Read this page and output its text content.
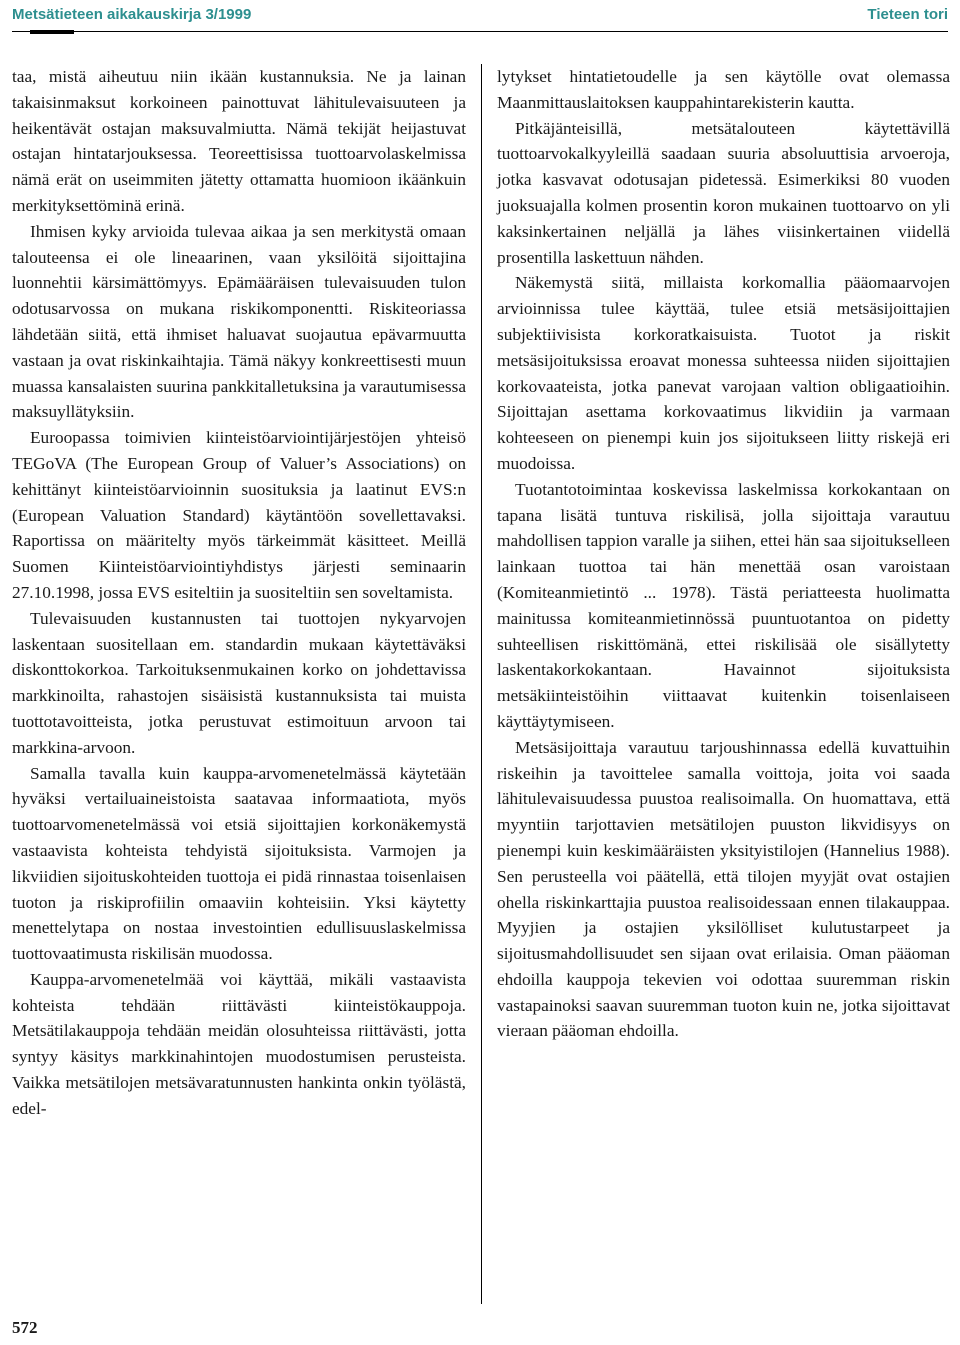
Metsätieteen aikakauskirja 3/1999	Tieteen tori

taa, mistä aiheutuu niin ikään kustannuksia. Ne ja lainan takaisinmaksut korkoineen painottuvat lähitulevaisuuteen ja heikentävät ostajan maksuvalmiutta. Nämä tekijät heijastuvat ostajan hintatarjouksessa. Teoreettisissa tuottoarvolaskelmissa nämä erät on useimmiten jätetty ottamatta huomioon ikäänkuin merkityksettöminä erinä.

Ihmisen kyky arvioida tulevaa aikaa ja sen merkitystä omaan talouteensa ei ole lineaarinen, vaan yksilöitä sijoittajina luonnehtii kärsimättömyys. Epämääräisen tulevaisuuden tulon odotusarvossa on mukana riskikomponentti. Riskiteoriassa lähdetään siitä, että ihmiset haluavat suojautua epävarmuutta vastaan ja ovat riskinkaihtajia. Tämä näkyy konkreettisesti muun muassa kansalaisten suurina pankkitalletuksina ja varautumisessa maksuyllätyksiin.

Euroopassa toimivien kiinteistöarviointijärjestöjen yhteisö TEGoVA (The European Group of Valuer’s Associations) on kehittänyt kiinteistöarvioinnin suosituksia ja laatinut EVS:n (European Valuation Standard) käytäntöön sovellettavaksi. Raportissa on määritelty myös tärkeimmät käsitteet. Meillä Suomen Kiinteistöarviointiyhdistys järjesti seminaarin 27.10.1998, jossa EVS esiteltiin ja suositeltiin sen soveltamista.

Tulevaisuuden kustannusten tai tuottojen nykyarvojen laskentaan suositellaan em. standardin mukaan käytettäväksi diskonttokorkoa. Tarkoituksenmukainen korko on johdettavissa markkinoilta, rahastojen sisäisistä kustannuksista tai muista tuottotavoitteista, jotka perustuvat estimoituun arvoon tai markkina-arvoon.

Samalla tavalla kuin kauppa-arvomenetelmässä käytetään hyväksi vertailuaineistoista saatavaa informaatiota, myös tuottoarvomenetelmässä voi etsiä sijoittajien korkonäkemystä vastaavista kohteista tehdyistä sijoituksista. Varmojen ja likviidien sijoituskohteiden tuottoja ei pidä rinnastaa toisenlaisen tuoton ja riskiprofiilin omaaviin kohteisiin. Yksi käytetty menettelytapa on nostaa investointien edullisuuslaskelmissa tuottovaatimusta riskilisän muodossa.

Kauppa-arvomenetelmää voi käyttää, mikäli vastaavista kohteista tehdään riittävästi kiinteistökauppoja. Metsätilakauppoja tehdään meidän olosuhteissa riittävästi, jotta syntyy käsitys markkinahintojen muodostumisen perusteista. Vaikka metsätilojen metsävaratunnusten hankinta onkin työlästä, edel-

lytykset hintatietoudelle ja sen käytölle ovat olemassa Maanmittauslaitoksen kauppahintarekisterin kautta.

Pitkäjänteisillä, metsätalouteen käytettävillä tuottoarvokalkyyleillä saadaan suuria absoluuttisia arvoeroja, jotka kasvavat odotusajan pidetessä. Esimerkiksi 80 vuoden juoksuajalla kolmen prosentin koron mukainen tuottoarvo on yli kaksinkertainen neljällä ja lähes viisinkertainen viidellä prosentilla laskettuun nähden.

Näkemystä siitä, millaista korkomallia pääomaarvojen arvioinnissa tulee käyttää, tulee etsiä metsäsijoittajien subjektiivisista korkoratkaisuista. Tuotot ja riskit metsäsijoituksissa eroavat monessa suhteessa niiden sijoittajien korkovaateista, jotka panevat varojaan valtion obligaatioihin. Sijoittajan asettama korkovaatimus likvidiin ja varmaan kohteeseen on pienempi kuin jos sijoitukseen liitty riskejä eri muodoissa.

Tuotantotoimintaa koskevissa laskelmissa korkokantaan on tapana lisätä tuntuva riskilisä, jolla sijoittaja varautuu mahdollisen tappion varalle ja siihen, ettei hän saa sijoitukselleen lainkaan tuottoa tai hän menettää osan varoistaan (Komiteanmietintö ... 1978). Tästä periatteesta huolimatta mainitussa komiteanmietinnössä puuntuotantoa on pidetty suhteellisen riskittömänä, ettei riskilisää ole sisällytetty laskentakorkokantaan. Havainnot sijoituksista metsäkiinteistöihin viittaavat kuitenkin toisenlaiseen käyttäytymiseen.

Metsäsijoittaja varautuu tarjoushinnassa edellä kuvattuihin riskeihin ja tavoittelee samalla voittoja, joita voi saada lähitulevaisuudessa puustoa realisoimalla. On huomattava, että myyntiin tarjottavien metsätilojen puuston likvidisyys on pienempi kuin keskimääräisten yksityistilojen (Hannelius 1988). Sen perusteella voi päätellä, että tilojen myyjät ovat ostajien ohella riskinkarttajia puustoa realisoidessaan ennen tilakauppaa. Myyjien ja ostajien yksilölliset kulutustarpeet ja sijoitusmahdollisuudet sen sijaan ovat erilaisia. Oman pääoman ehdoilla kauppoja tekevien voi odottaa suuremman riskin vastapainoksi saavan suuremman tuoton kuin ne, jotka sijoittavat vieraan pääoman ehdoilla.

572
